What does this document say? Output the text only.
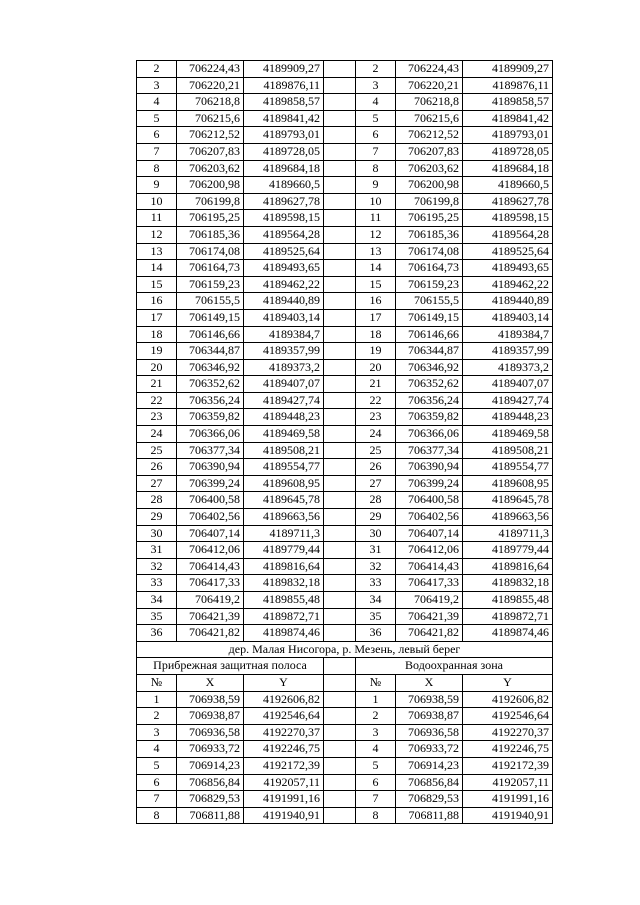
2	706224,43	4189909,27		2	706224,43	4189909,27
3	706220,21	4189876,11		3	706220,21	4189876,11
4	706218,8	4189858,57		4	706218,8	4189858,57
5	706215,6	4189841,42		5	706215,6	4189841,42
6	706212,52	4189793,01		6	706212,52	4189793,01
7	706207,83	4189728,05		7	706207,83	4189728,05
8	706203,62	4189684,18		8	706203,62	4189684,18
9	706200,98	4189660,5		9	706200,98	4189660,5
10	706199,8	4189627,78		10	706199,8	4189627,78
11	706195,25	4189598,15		11	706195,25	4189598,15
12	706185,36	4189564,28		12	706185,36	4189564,28
13	706174,08	4189525,64		13	706174,08	4189525,64
14	706164,73	4189493,65		14	706164,73	4189493,65
15	706159,23	4189462,22		15	706159,23	4189462,22
16	706155,5	4189440,89		16	706155,5	4189440,89
17	706149,15	4189403,14		17	706149,15	4189403,14
18	706146,66	4189384,7		18	706146,66	4189384,7
19	706344,87	4189357,99		19	706344,87	4189357,99
20	706346,92	4189373,2		20	706346,92	4189373,2
21	706352,62	4189407,07		21	706352,62	4189407,07
22	706356,24	4189427,74		22	706356,24	4189427,74
23	706359,82	4189448,23		23	706359,82	4189448,23
24	706366,06	4189469,58		24	706366,06	4189469,58
25	706377,34	4189508,21		25	706377,34	4189508,21
26	706390,94	4189554,77		26	706390,94	4189554,77
27	706399,24	4189608,95		27	706399,24	4189608,95
28	706400,58	4189645,78		28	706400,58	4189645,78
29	706402,56	4189663,56		29	706402,56	4189663,56
30	706407,14	4189711,3		30	706407,14	4189711,3
31	706412,06	4189779,44		31	706412,06	4189779,44
32	706414,43	4189816,64		32	706414,43	4189816,64
33	706417,33	4189832,18		33	706417,33	4189832,18
34	706419,2	4189855,48		34	706419,2	4189855,48
35	706421,39	4189872,71		35	706421,39	4189872,71
36	706421,82	4189874,46		36	706421,82	4189874,46
дер. Малая Нисогора, р. Мезень, левый берег						
Прибрежная защитная полоса				Водоохранная зона		
№	X	Y		№	X	Y
1	706938,59	4192606,82		1	706938,59	4192606,82
2	706938,87	4192546,64		2	706938,87	4192546,64
3	706936,58	4192270,37		3	706936,58	4192270,37
4	706933,72	4192246,75		4	706933,72	4192246,75
5	706914,23	4192172,39		5	706914,23	4192172,39
6	706856,84	4192057,11		6	706856,84	4192057,11
7	706829,53	4191991,16		7	706829,53	4191991,16
8	706811,88	4191940,91		8	706811,88	4191940,91
